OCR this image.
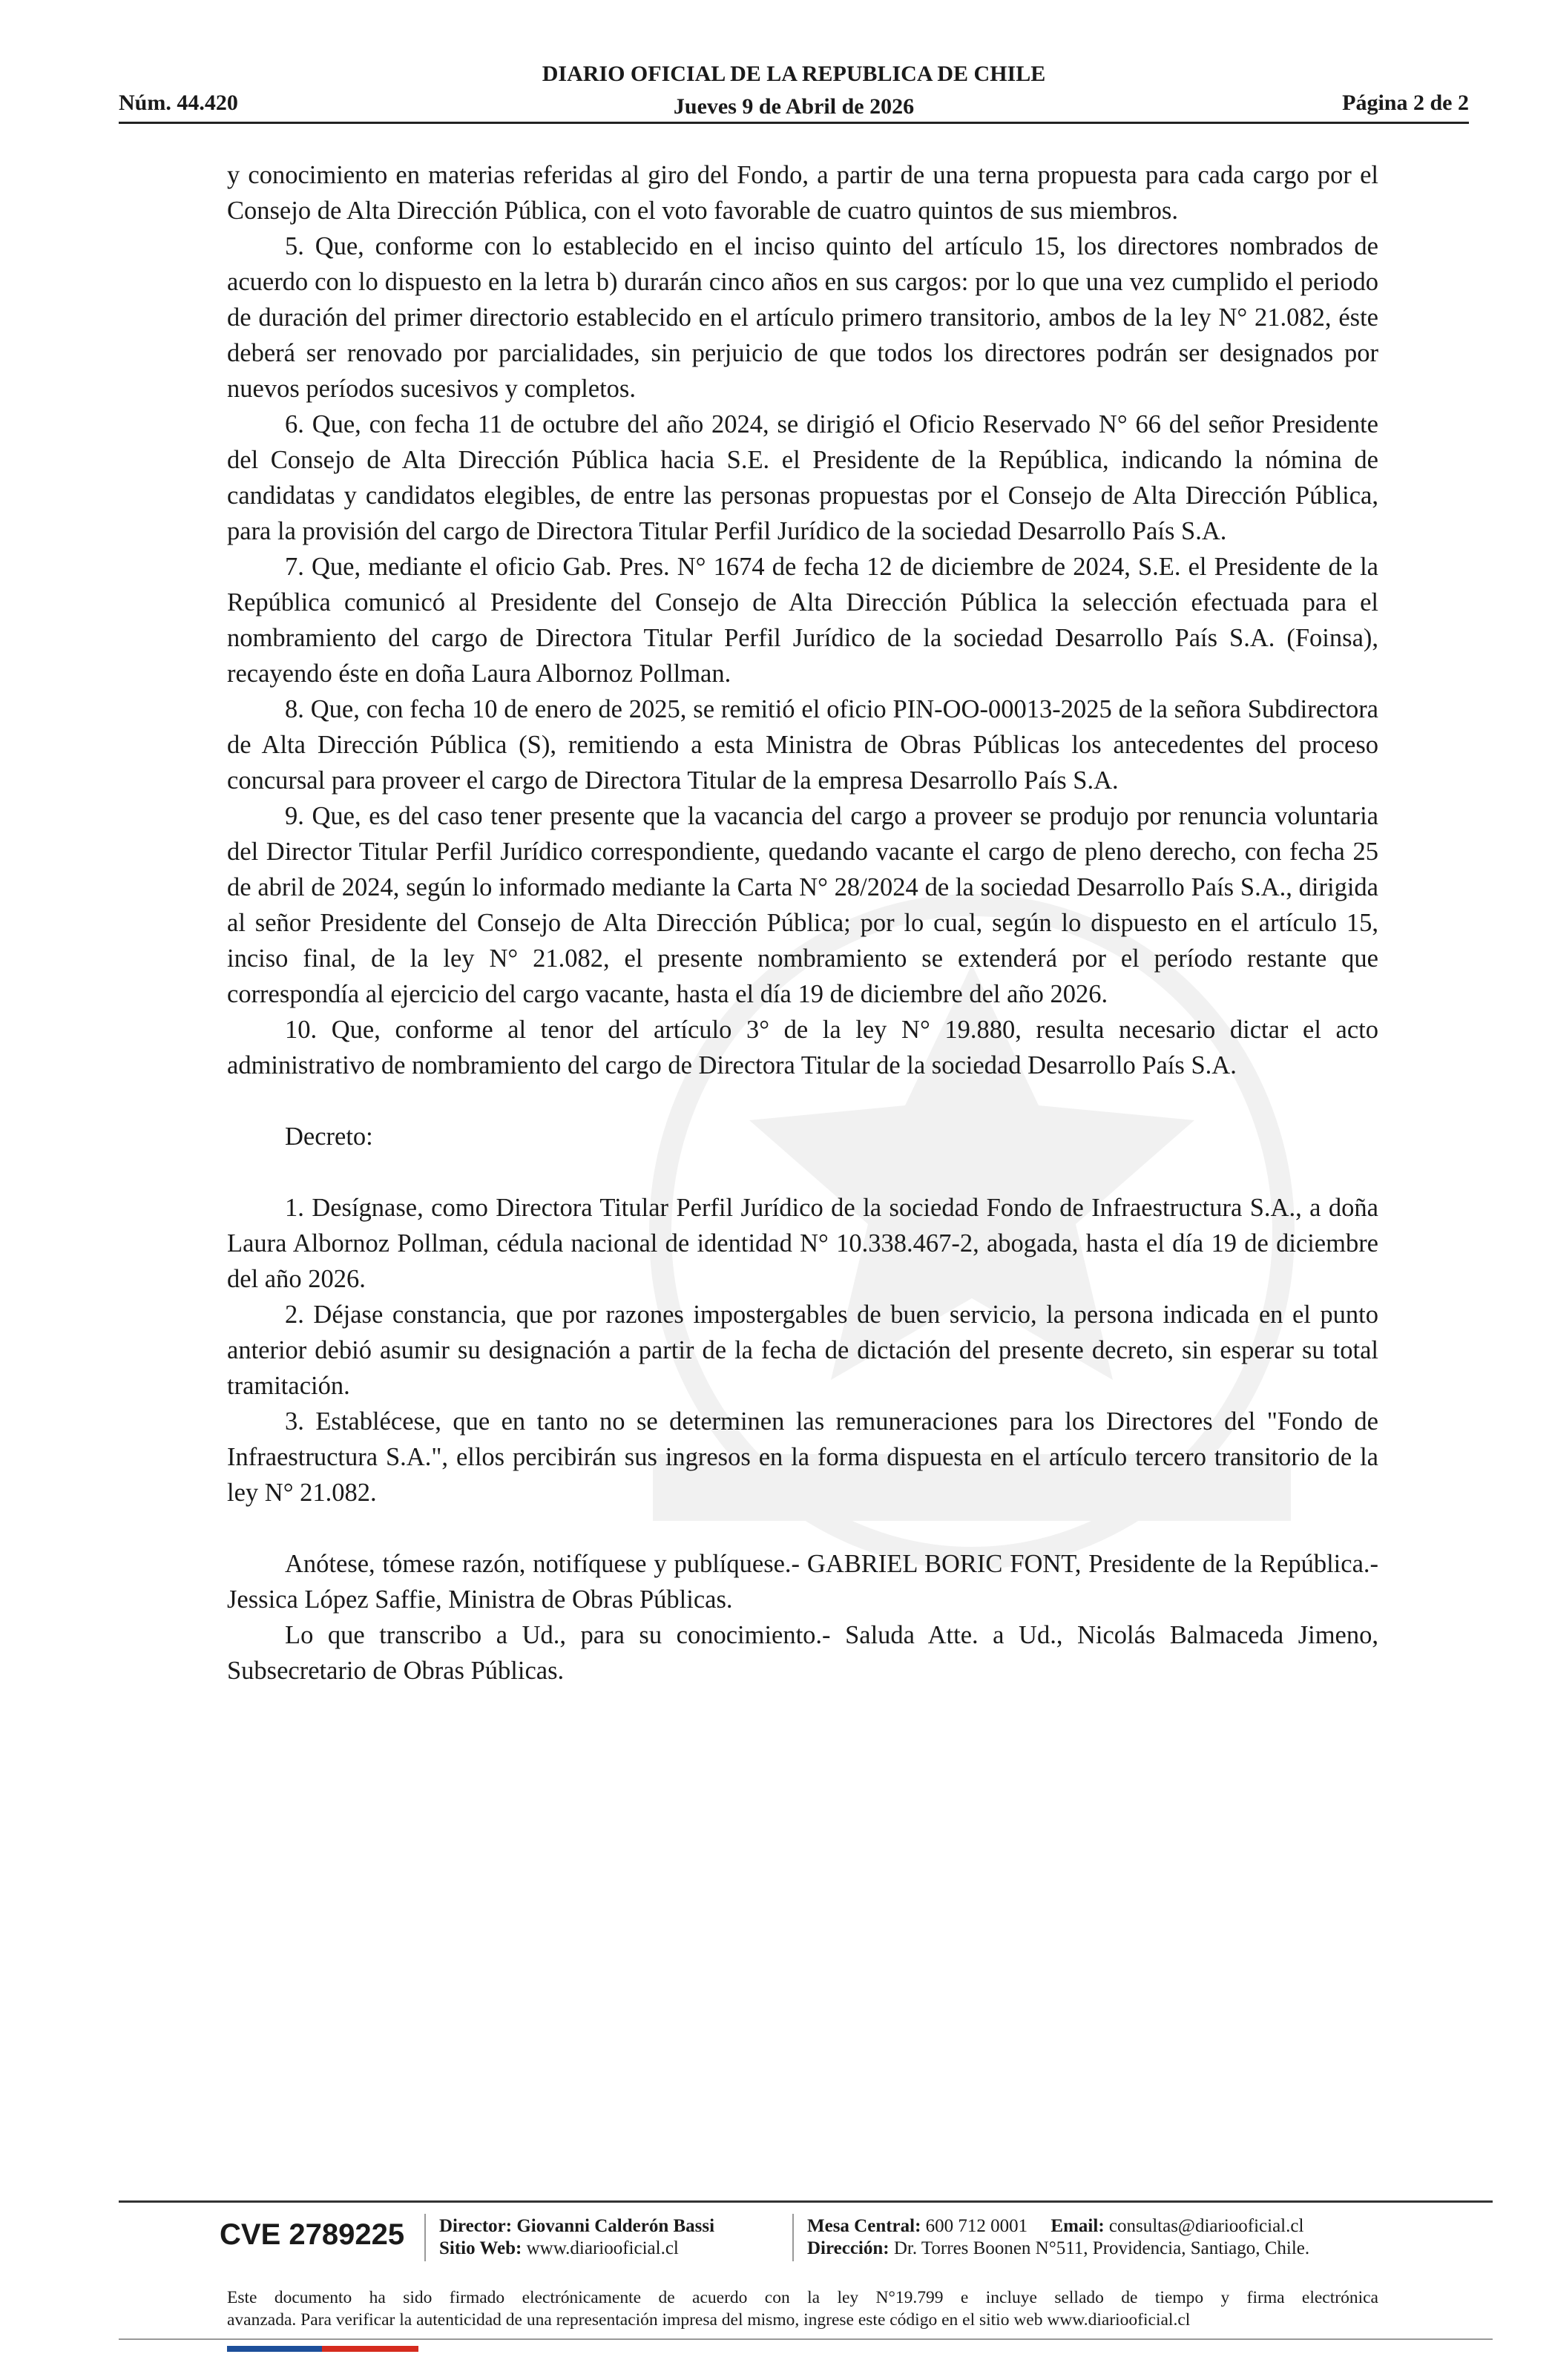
Núm. 44.420
DIARIO OFICIAL DE LA REPUBLICA DE CHILE
Jueves 9 de Abril de 2026	Página 2 de 2

y conocimiento en materias referidas al giro del Fondo, a partir de una terna propuesta para cada cargo por el Consejo de Alta Dirección Pública, con el voto favorable de cuatro quintos de sus miembros.

5. Que, conforme con lo establecido en el inciso quinto del artículo 15, los directores nombrados de acuerdo con lo dispuesto en la letra b) durarán cinco años en sus cargos: por lo que una vez cumplido el periodo de duración del primer directorio establecido en el artículo primero transitorio, ambos de la ley N° 21.082, éste deberá ser renovado por parcialidades, sin perjuicio de que todos los directores podrán ser designados por nuevos períodos sucesivos y completos.

6. Que, con fecha 11 de octubre del año 2024, se dirigió el Oficio Reservado N° 66 del señor Presidente del Consejo de Alta Dirección Pública hacia S.E. el Presidente de la República, indicando la nómina de candidatas y candidatos elegibles, de entre las personas propuestas por el Consejo de Alta Dirección Pública, para la provisión del cargo de Directora Titular Perfil Jurídico de la sociedad Desarrollo País S.A.

7. Que, mediante el oficio Gab. Pres. N° 1674 de fecha 12 de diciembre de 2024, S.E. el Presidente de la República comunicó al Presidente del Consejo de Alta Dirección Pública la selección efectuada para el nombramiento del cargo de Directora Titular Perfil Jurídico de la sociedad Desarrollo País S.A. (Foinsa), recayendo éste en doña Laura Albornoz Pollman.

8. Que, con fecha 10 de enero de 2025, se remitió el oficio PIN-OO-00013-2025 de la señora Subdirectora de Alta Dirección Pública (S), remitiendo a esta Ministra de Obras Públicas los antecedentes del proceso concursal para proveer el cargo de Directora Titular de la empresa Desarrollo País S.A.

9. Que, es del caso tener presente que la vacancia del cargo a proveer se produjo por renuncia voluntaria del Director Titular Perfil Jurídico correspondiente, quedando vacante el cargo de pleno derecho, con fecha 25 de abril de 2024, según lo informado mediante la Carta N° 28/2024 de la sociedad Desarrollo País S.A., dirigida al señor Presidente del Consejo de Alta Dirección Pública; por lo cual, según lo dispuesto en el artículo 15, inciso final, de la ley N° 21.082, el presente nombramiento se extenderá por el período restante que correspondía al ejercicio del cargo vacante, hasta el día 19 de diciembre del año 2026.

10. Que, conforme al tenor del artículo 3° de la ley N° 19.880, resulta necesario dictar el acto administrativo de nombramiento del cargo de Directora Titular de la sociedad Desarrollo País S.A.

Decreto:

1. Desígnase, como Directora Titular Perfil Jurídico de la sociedad Fondo de Infraestructura S.A., a doña Laura Albornoz Pollman, cédula nacional de identidad N° 10.338.467-2, abogada, hasta el día 19 de diciembre del año 2026.

2. Déjase constancia, que por razones impostergables de buen servicio, la persona indicada en el punto anterior debió asumir su designación a partir de la fecha de dictación del presente decreto, sin esperar su total tramitación.

3. Establécese, que en tanto no se determinen las remuneraciones para los Directores del "Fondo de Infraestructura S.A.", ellos percibirán sus ingresos en la forma dispuesta en el artículo tercero transitorio de la ley N° 21.082.

Anótese, tómese razón, notifíquese y publíquese.- GABRIEL BORIC FONT, Presidente de la República.- Jessica López Saffie, Ministra de Obras Públicas.

Lo que transcribo a Ud., para su conocimiento.- Saluda Atte. a Ud., Nicolás Balmaceda Jimeno, Subsecretario de Obras Públicas.

CVE 2789225 Director: Giovanni Calderón Bassi
Sitio Web: www.diariooficial.cl
Mesa Central: 600 712 0001 Email: consultas@diariooficial.cl
Dirección: Dr. Torres Boonen N°511, Providencia, Santiago, Chile.
Este documento ha sido firmado electrónicamente de acuerdo con la ley N°19.799 e incluye sellado de tiempo y firma electrónica
avanzada. Para verificar la autenticidad de una representación impresa del mismo, ingrese este código en el sitio web www.diariooficial.cl
